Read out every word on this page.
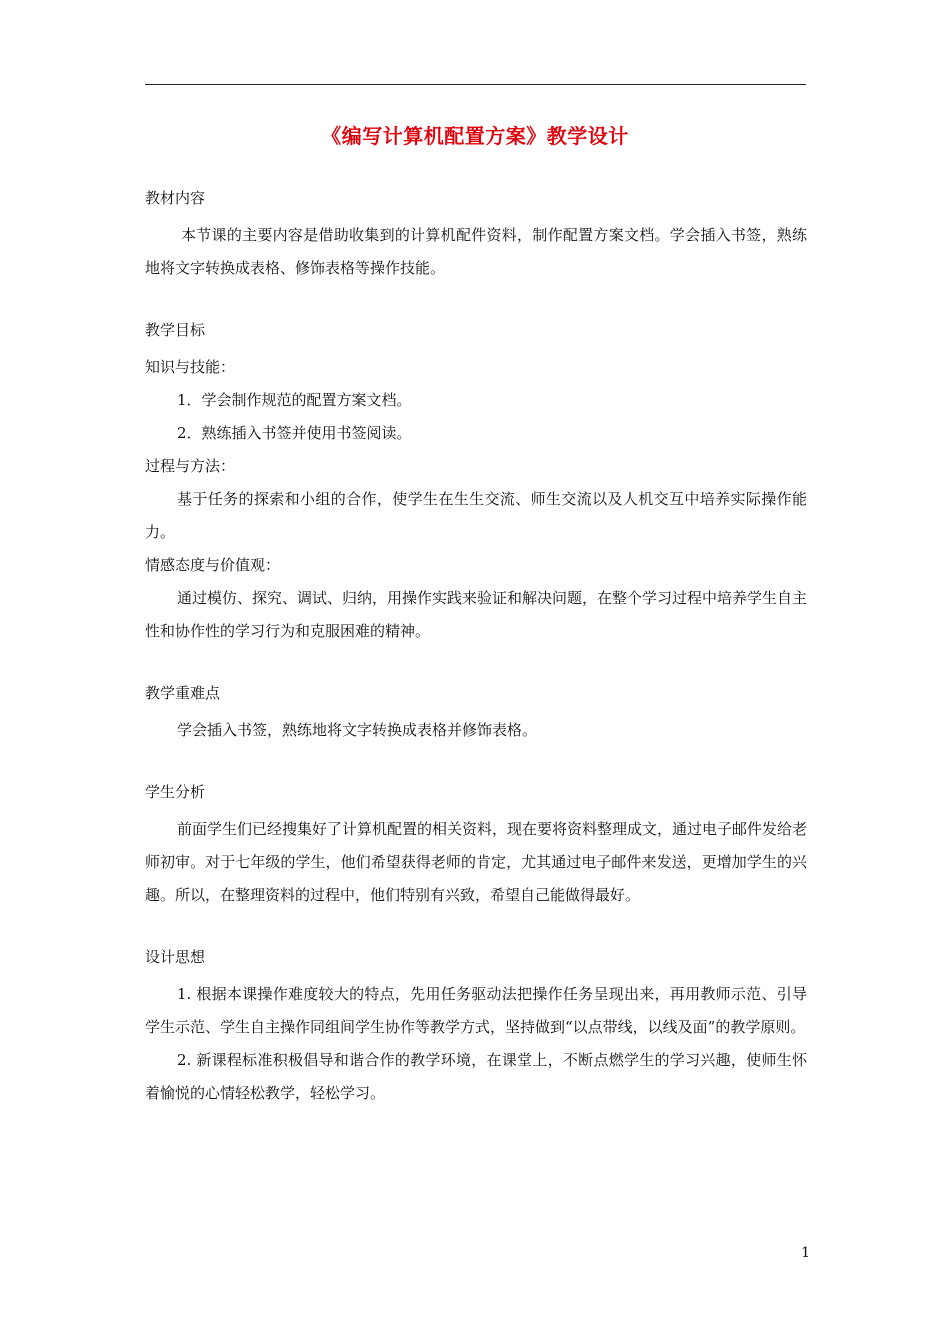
《编写计算机配置方案》教学设计
教材内容

本节课的主要内容是借助收集到的计算机配件资料，制作配置方案文档。学会插入书签，熟练地将文字转换成表格、修饰表格等操作技能。

教学目标

知识与技能：

1．学会制作规范的配置方案文档。

2．熟练插入书签并使用书签阅读。

过程与方法：

基于任务的探索和小组的合作，使学生在生生交流、师生交流以及人机交互中培养实际操作能力。

情感态度与价值观：

通过模仿、探究、调试、归纳，用操作实践来验证和解决问题，在整个学习过程中培养学生自主性和协作性的学习行为和克服困难的精神。

教学重难点

学会插入书签，熟练地将文字转换成表格并修饰表格。

学生分析

前面学生们已经搜集好了计算机配置的相关资料，现在要将资料整理成文，通过电子邮件发给老师初审。对于七年级的学生，他们希望获得老师的肯定，尤其通过电子邮件来发送，更增加学生的兴趣。所以，在整理资料的过程中，他们特别有兴致，希望自己能做得最好。

设计思想

1. 根据本课操作难度较大的特点，先用任务驱动法把操作任务呈现出来，再用教师示范、引导学生示范、学生自主操作同组间学生协作等教学方式，坚持做到“以点带线，以线及面”的教学原则。

2. 新课程标准积极倡导和谐合作的教学环境，在课堂上，不断点燃学生的学习兴趣，使师生怀着愉悦的心情轻松教学，轻松学习。

1
